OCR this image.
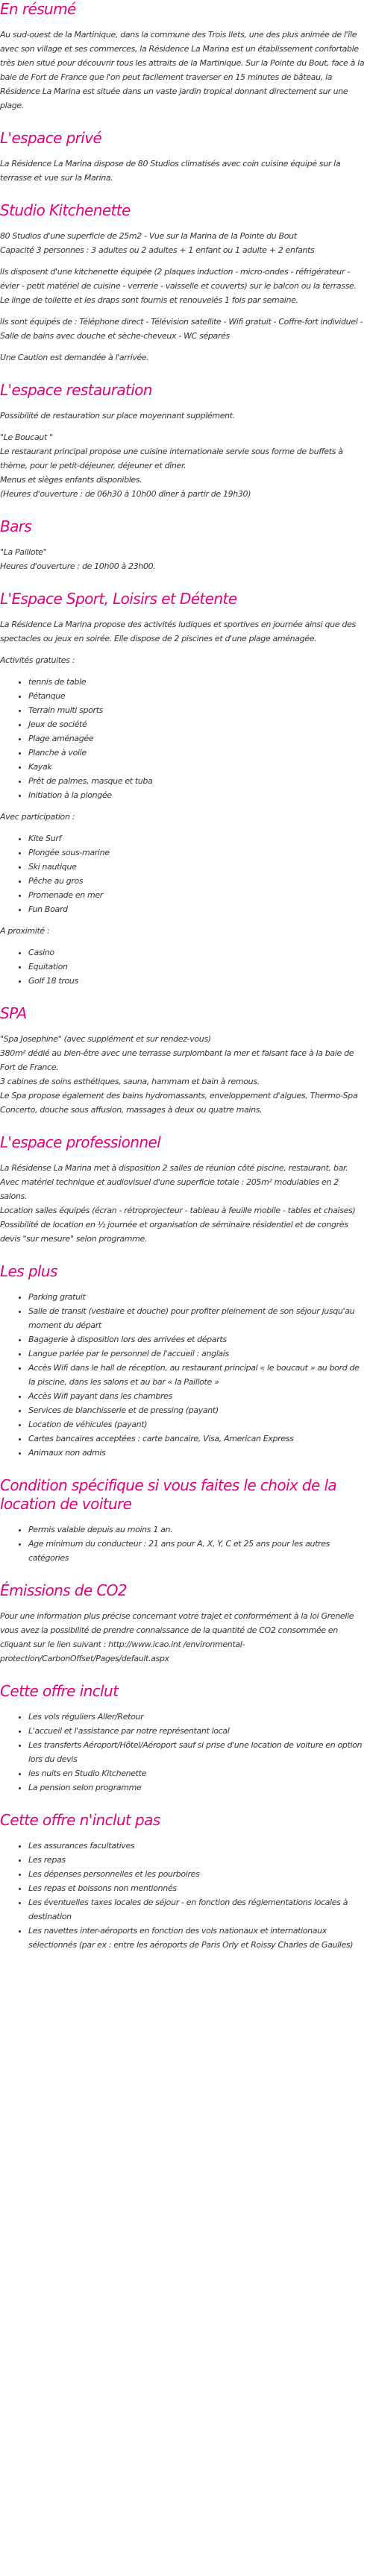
En résumé

Au sud-ouest de la Martinique, dans la commune des Trois Ilets, une des plus animée de l'île avec son village et ses commerces, la Résidence La Marina est un établissement confortable très bien situé pour découvrir tous les attraits de la Martinique. Sur la Pointe du Bout, face à la baie de Fort de France que l'on peut facilement traverser en 15 minutes de bâteau, la Résidence La Marina est située dans un vaste jardin tropical donnant directement sur une plage.

L'espace privé

La Résidence La Marina dispose de 80 Studios climatisés avec coin cuisine équipé sur la terrasse et vue sur la Marina.

Studio Kitchenette

80 Studios d'une superficie de 25m2 - Vue sur la Marina de la Pointe du Bout
Capacité 3 personnes : 3 adultes ou 2 adultes + 1 enfant ou 1 adulte + 2 enfants

Ils disposent d'une kitchenette équipée (2 plaques induction - micro-ondes - réfrigérateur - évier - petit matériel de cuisine - verrerie - vaisselle et couverts) sur le balcon ou la terrasse.
Le linge de toilette et les draps sont fournis et renouvelés 1 fois par semaine.

Ils sont équipés de : Téléphone direct - Télévision satellite - Wifi gratuit - Coffre-fort individuel - Salle de bains avec douche et sèche-cheveux - WC séparés

Une Caution est demandée à l'arrivée.

L'espace restauration

Possibilité de restauration sur place moyennant supplément.

"Le Boucaut "
Le restaurant principal propose une cuisine internationale servie sous forme de buffets à thème, pour le petit-déjeuner, déjeuner et dîner.
Menus et sièges enfants disponibles.
(Heures d'ouverture : de 06h30 à 10h00 dîner à partir de 19h30)

Bars

"La Paillote"
Heures d'ouverture : de 10h00 à 23h00.

L'Espace Sport, Loisirs et Détente

La Résidence La Marina propose des activités ludiques et sportives en journée ainsi que des spectacles ou jeux en soirée. Elle dispose de 2 piscines et d'une plage aménagée.

Activités gratuites :

• tennis de table
• Pétanque
• Terrain multi sports
• Jeux de société
• Plage aménagée
• Planche à voile
• Kayak
• Prêt de palmes, masque et tuba
• Initiation à la plongée

Avec participation :

• Kite Surf
• Plongée sous-marine
• Ski nautique
• Pêche au gros
• Promenade en mer
• Fun Board

A proximité :

• Casino
• Equitation
• Golf 18 trous
SPA

"Spa Josephine" (avec supplément et sur rendez-vous)
380m² dédié au bien-être avec une terrasse surplombant la mer et faisant face à la baie de Fort de France.
3 cabines de soins esthétiques, sauna, hammam et bain à remous.
Le Spa propose également des bains hydromassants, enveloppement d'algues, Thermo-Spa Concerto, douche sous affusion, massages à deux ou quatre mains.

L'espace professionnel

La Résidense La Marina met à disposition 2 salles de réunion côté piscine, restaurant, bar.
Avec matériel technique et audiovisuel d'une superficie totale : 205m² modulables en 2 salons.
Location salles équipés (écran - rétroprojecteur - tableau à feuille mobile - tables et chaises)
Possibilité de location en ½ journée et organisation de séminaire résidentiel et de congrès devis "sur mesure" selon programme.

Les plus
• Parking gratuit
• Salle de transit (vestiaire et douche) pour profiter pleinement de son séjour jusqu'au moment du départ
• Bagagerie à disposition lors des arrivées et départs
• Langue parlée par le personnel de l'accueil : anglais
• Accès Wifi dans le hall de réception, au restaurant principal « le boucaut » au bord de la piscine, dans les salons et au bar « la Paillote »
• Accès Wifi payant dans les chambres
• Services de blanchisserie et de pressing (payant)
• Location de véhicules (payant)
• Cartes bancaires acceptées : carte bancaire, Visa, American Express
• Animaux non admis
Condition spécifique si vous faites le choix de la location de voiture
• Permis valable depuis au moins 1 an.
• Age minimum du conducteur : 21 ans pour A, X, Y, C et 25 ans pour les autres catégories
Émissions de CO2

Pour une information plus précise concernant votre trajet et conformément à la loi Grenelle vous avez la possibilité de prendre connaissance de la quantité de CO2 consommée en cliquant sur le lien suivant : http://www.icao.int /environmental-protection/CarbonOffset/Pages/default.aspx

Cette offre inclut
• Les vols réguliers Aller/Retour
• L'accueil et l'assistance par notre représentant local
• Les transferts Aéroport/Hôtel/Aéroport sauf si prise d'une location de voiture en option lors du devis
• les nuits en Studio Kitchenette
• La pension selon programme
Cette offre n'inclut pas
• Les assurances facultatives
• Les repas
• Les dépenses personnelles et les pourboires
• Les repas et boissons non mentionnés
• Les éventuelles taxes locales de séjour - en fonction des réglementations locales à destination
• Les navettes inter-aéroports en fonction des vols nationaux et internationaux sélectionnés (par ex : entre les aéroports de Paris Orly et Roissy Charles de Gaulles)
